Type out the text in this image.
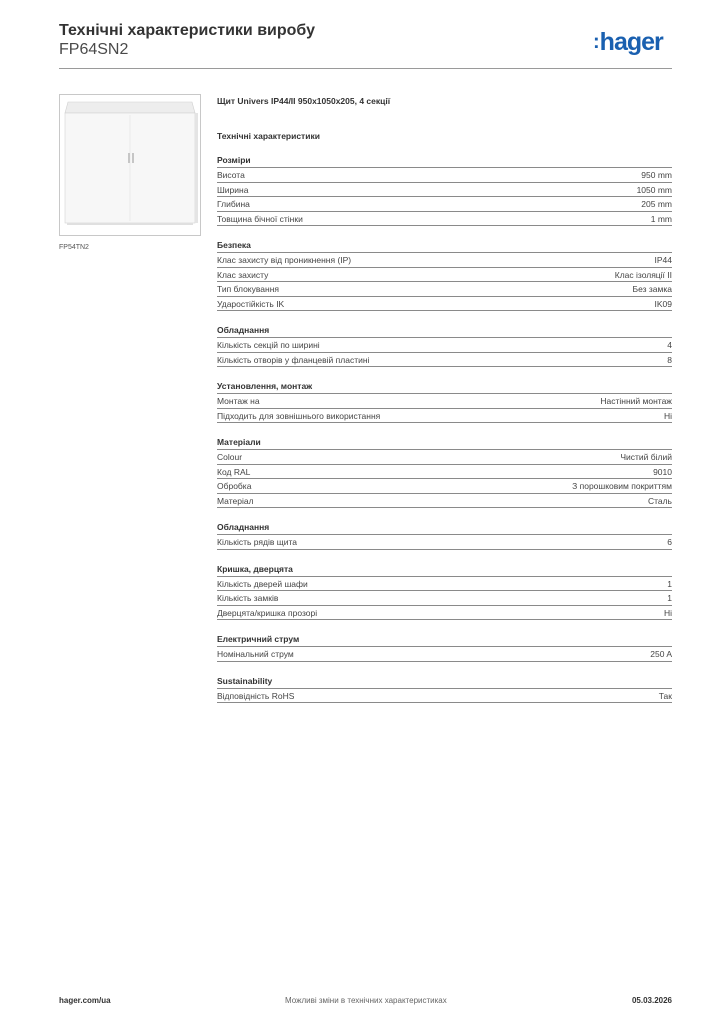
Технічні характеристики виробу
FP64SN2	:hager
FP54TN2
Щит Univers IP44/II 950x1050x205, 4 секції
Технічні характеристики
Розміри
Висота	950 mm
Ширина	1050 mm
Глибина	205 mm
Товщина бічної стінки	1 mm
Безпека
Клас захисту від проникнення (IP)	IP44
Клас захисту	Клас ізоляції II
Тип блокування	Без замка
Ударостійкість IK	IK09
Обладнання
Кількість секцій по ширині	4
Кількість отворів у фланцевій пластині	8
Установлення, монтаж
Монтаж на	Настінний монтаж
Підходить для зовнішнього використання	Ні
Матеріали
Colour	Чистий білий
Код RAL	9010
Обробка	З порошковим покриттям
Матеріал	Сталь
Обладнання
Кількість рядів щита	6
Кришка, дверцята
Кількість дверей шафи	1
Кількість замків	1
Дверцята/кришка прозорі	Ні
Електричний струм
Номінальний струм	250 A
Sustainability
Відповідність RoHS	Так
hager.com/ua	Можливі зміни в технічних характеристиках	05.03.2026
